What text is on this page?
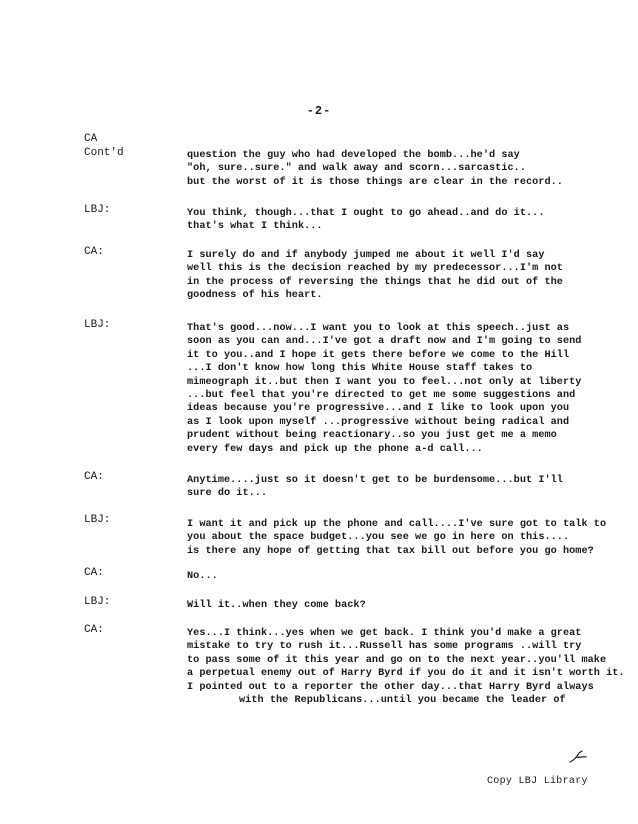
-2-
CA
Cont'd	question the guy who had developed the bomb...he'd say
"oh, sure..sure." and walk away and scorn...sarcastic..
but the worst of it is those things are clear in the record..
LBJ:	You think, though...that I ought to go ahead..and do it...
that's what I think...
CA:	I surely do and if anybody jumped me about it well I'd say
well this is the decision reached by my predecessor...I'm not
in the process of reversing the things that he did out of the
goodness of his heart.
LBJ:	That's good...now...I want you to look at this speech..just as
soon as you can and...I've got a draft now and I'm going to send
it to you..and I hope it gets there before we come to the Hill
...I don't know how long this White House staff takes to
mimeograph it..but then I want you to feel...not only at liberty
...but feel that you're directed to get me some suggestions and
ideas because you're progressive...and I like to look upon you
as I look upon myself ...progressive without being radical and
prudent without being reactionary..so you just get me a memo
every few days and pick up the phone a-d call...
CA:	Anytime....just so it doesn't get to be burdensome...but I'll
sure do it...
LBJ:	I want it and pick up the phone and call....I've sure got to talk to
you about the space budget...you see we go in here on this....
is there any hope of getting that tax bill out before you go home?
CA:	No...
LBJ:	Will it..when they come back?
CA:	Yes...I think...yes when we get back. I think you'd make a great
mistake to try to rush it...Russell has some programs ..will try
to pass some of it this year and go on to the next year..you'll make
a perpetual enemy out of Harry Byrd if you do it and it isn't worth it.
I pointed out to a reporter the other day...that Harry Byrd always
with the Republicans...until you became the leader of
Copy LBJ Library
